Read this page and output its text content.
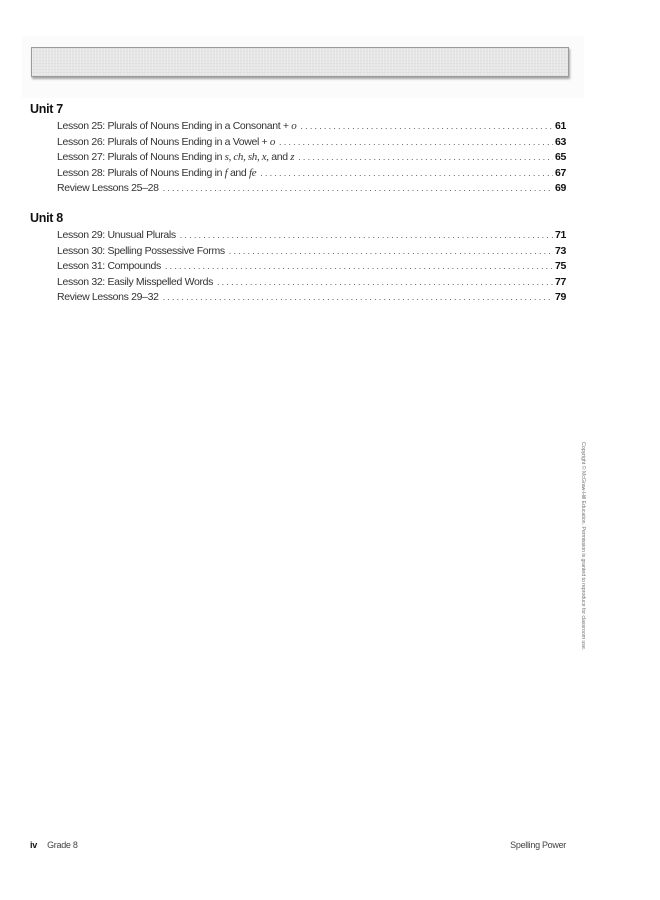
Unit 7
Lesson 25: Plurals of Nouns Ending in a Consonant + o .....	61
Lesson 26: Plurals of Nouns Ending in a Vowel + o .....	63
Lesson 27: Plurals of Nouns Ending in s, ch, sh, x, and z .....	65
Lesson 28: Plurals of Nouns Ending in f and fe .....	67
Review Lessons 25–28 .....	69
Unit 8
Lesson 29: Unusual Plurals .....	71
Lesson 30: Spelling Possessive Forms .....	73
Lesson 31: Compounds .....	75
Lesson 32: Easily Misspelled Words .....	77
Review Lessons 29–32 .....	79
Copyright © McGraw-Hill Education. Permission is granted to reproduce for classroom use.
iv Grade 8	Spelling Power
